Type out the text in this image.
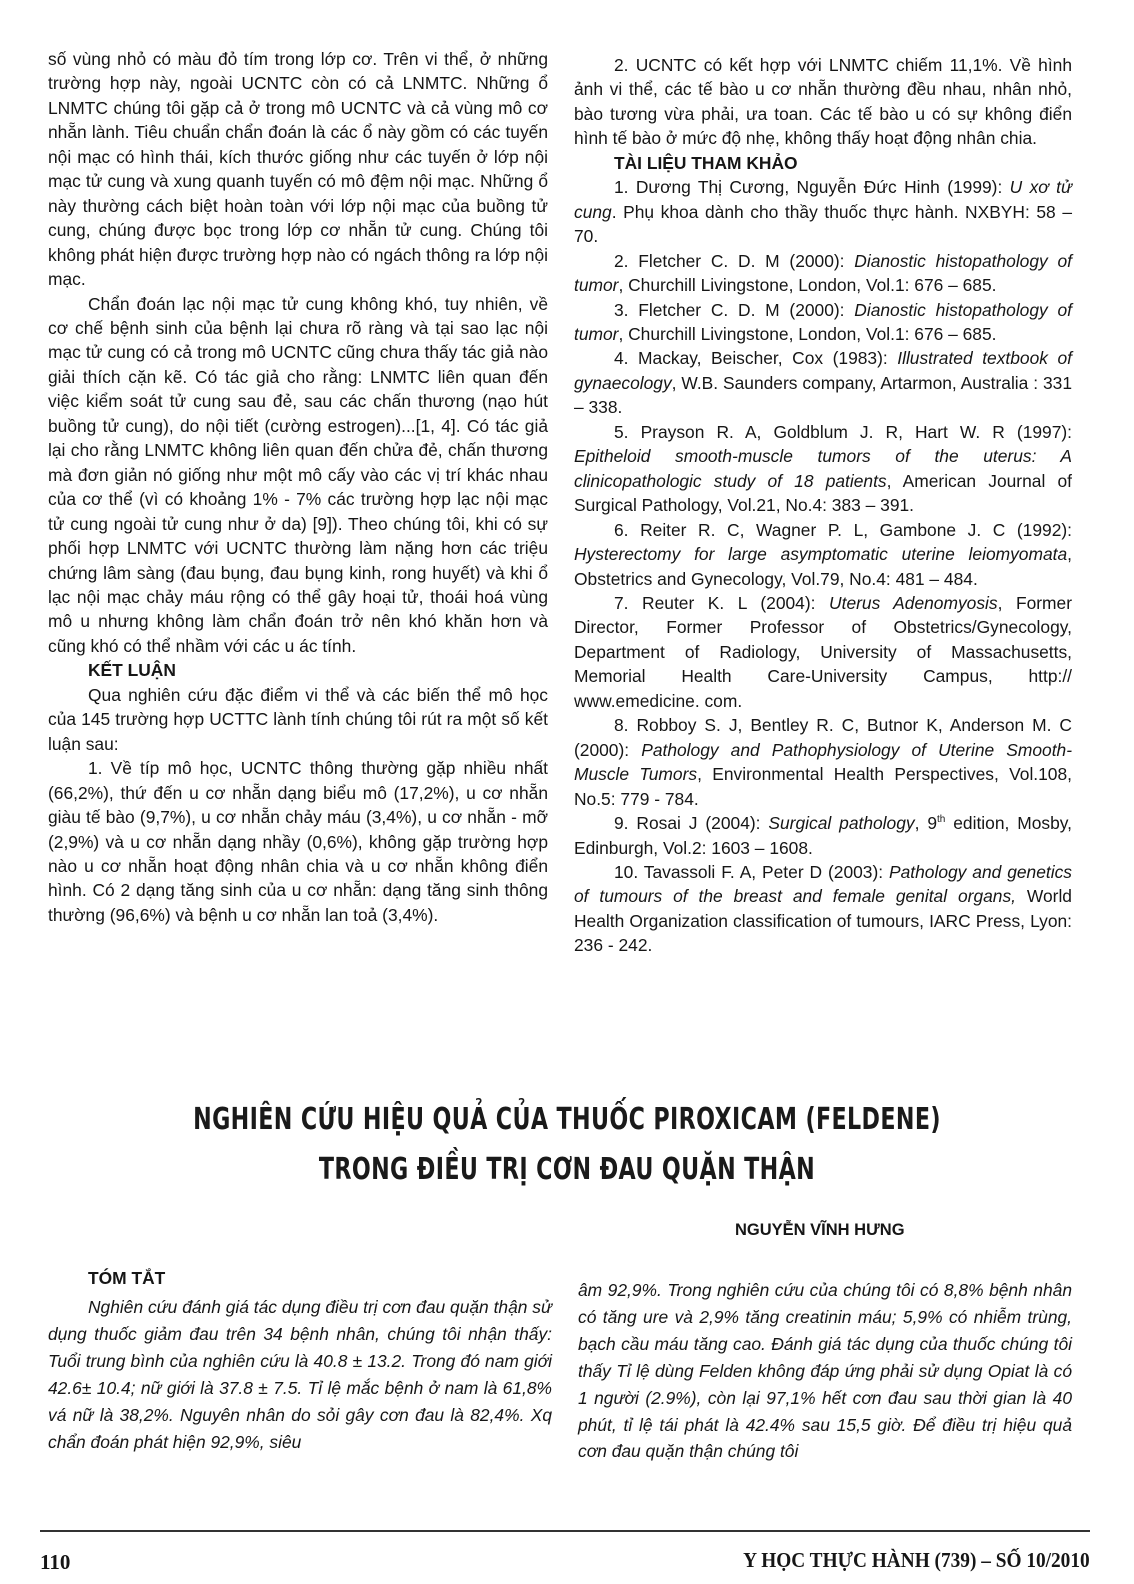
số vùng nhỏ có màu đỏ tím trong lớp cơ. Trên vi thể, ở những trường hợp này, ngoài UCNTC còn có cả LNMTC. Những ổ LNMTC chúng tôi gặp cả ở trong mô UCNTC và cả vùng mô cơ nhẵn lành. Tiêu chuẩn chẩn đoán là các ổ này gồm có các tuyến nội mạc có hình thái, kích thước giống như các tuyến ở lớp nội mạc tử cung và xung quanh tuyến có mô đệm nội mạc. Những ổ này thường cách biệt hoàn toàn với lớp nội mạc của buồng tử cung, chúng được bọc trong lớp cơ nhẵn tử cung. Chúng tôi không phát hiện được trường hợp nào có ngách thông ra lớp nội mạc.

Chẩn đoán lạc nội mạc tử cung không khó, tuy nhiên, về cơ chế bệnh sinh của bệnh lại chưa rõ ràng và tại sao lạc nội mạc tử cung có cả trong mô UCNTC cũng chưa thấy tác giả nào giải thích cặn kẽ. Có tác giả cho rằng: LNMTC liên quan đến việc kiểm soát tử cung sau đẻ, sau các chấn thương (nạo hút buồng tử cung), do nội tiết (cường estrogen)...[1, 4]. Có tác giả lại cho rằng LNMTC không liên quan đến chửa đẻ, chấn thương mà đơn giản nó giống như một mô cấy vào các vị trí khác nhau của cơ thể (vì có khoảng 1% - 7% các trường hợp lạc nội mạc tử cung ngoài tử cung như ở da) [9]). Theo chúng tôi, khi có sự phối hợp LNMTC với UCNTC thường làm nặng hơn các triệu chứng lâm sàng (đau bụng, đau bụng kinh, rong huyết) và khi ổ lạc nội mạc chảy máu rộng có thể gây hoại tử, thoái hoá vùng mô u nhưng không làm chẩn đoán trở nên khó khăn hơn và cũng khó có thể nhầm với các u ác tính.

KẾT LUẬN

Qua nghiên cứu đặc điểm vi thể và các biến thể mô học của 145 trường hợp UCTTC lành tính chúng tôi rút ra một số kết luận sau:

1. Về típ mô học, UCNTC thông thường gặp nhiều nhất (66,2%), thứ đến u cơ nhẵn dạng biểu mô (17,2%), u cơ nhẵn giàu tế bào (9,7%), u cơ nhẵn chảy máu (3,4%), u cơ nhẵn - mỡ (2,9%) và u cơ nhẵn dạng nhầy (0,6%), không gặp trường hợp nào u cơ nhẵn hoạt động nhân chia và u cơ nhẵn không điển hình. Có 2 dạng tăng sinh của u cơ nhẵn: dạng tăng sinh thông thường (96,6%) và bệnh u cơ nhẵn lan toả (3,4%).

2. UCNTC có kết hợp với LNMTC chiếm 11,1%. Về hình ảnh vi thể, các tế bào u cơ nhẵn thường đều nhau, nhân nhỏ, bào tương vừa phải, ưa toan. Các tế bào u có sự không điển hình tế bào ở mức độ nhẹ, không thấy hoạt động nhân chia.

TÀI LIỆU THAM KHẢO

1. Dương Thị Cương, Nguyễn Đức Hinh (1999): U xơ tử cung. Phụ khoa dành cho thầy thuốc thực hành. NXBYH: 58 – 70.

2. Fletcher C. D. M (2000): Dianostic histopathology of tumor, Churchill Livingstone, London, Vol.1: 676 – 685.

3. Fletcher C. D. M (2000): Dianostic histopathology of tumor, Churchill Livingstone, London, Vol.1: 676 – 685.

4. Mackay, Beischer, Cox (1983): Illustrated textbook of gynaecology, W.B. Saunders company, Artarmon, Australia : 331 – 338.

5. Prayson R. A, Goldblum J. R, Hart W. R (1997): Epitheloid smooth-muscle tumors of the uterus: A clinicopathologic study of 18 patients, American Journal of Surgical Pathology, Vol.21, No.4: 383 – 391.

6. Reiter R. C, Wagner P. L, Gambone J. C (1992): Hysterectomy for large asymptomatic uterine leiomyomata, Obstetrics and Gynecology, Vol.79, No.4: 481 – 484.

7. Reuter K. L (2004): Uterus Adenomyosis, Former Director, Former Professor of Obstetrics/Gynecology, Department of Radiology, University of Massachusetts, Memorial Health Care-University Campus, http:// www.emedicine. com.

8. Robboy S. J, Bentley R. C, Butnor K, Anderson M. C (2000): Pathology and Pathophysiology of Uterine Smooth-Muscle Tumors, Environmental Health Perspectives, Vol.108, No.5: 779 - 784.

9. Rosai J (2004): Surgical pathology, 9th edition, Mosby, Edinburgh, Vol.2: 1603 – 1608.

10. Tavassoli F. A, Peter D (2003): Pathology and genetics of tumours of the breast and female genital organs, World Health Organization classification of tumours, IARC Press, Lyon: 236 - 242.

NGHIÊN CỨU HIỆU QUẢ CỦA THUỐC PIROXICAM (FELDENE)
TRONG ĐIỀU TRỊ CƠN ĐAU QUẶN THẬN
NGUYỄN VĨNH HƯNG
TÓM TẮT

Nghiên cứu đánh giá tác dụng điều trị cơn đau quặn thận sử dụng thuốc giảm đau trên 34 bệnh nhân, chúng tôi nhận thấy: Tuổi trung bình của nghiên cứu là 40.8 ± 13.2. Trong đó nam giới 42.6± 10.4; nữ giới là 37.8 ± 7.5. Tỉ lệ mắc bệnh ở nam là 61,8% vá nữ là 38,2%. Nguyên nhân do sỏi gây cơn đau là 82,4%. Xq chẩn đoán phát hiện 92,9%, siêu

âm 92,9%. Trong nghiên cứu của chúng tôi có 8,8% bệnh nhân có tăng ure và 2,9% tăng creatinin máu; 5,9% có nhiễm trùng, bạch cầu máu tăng cao. Đánh giá tác dụng của thuốc chúng tôi thấy Tỉ lệ dùng Felden không đáp ứng phải sử dụng Opiat là có 1 người (2.9%), còn lại 97,1% hết cơn đau sau thời gian là 40 phút, tỉ lệ tái phát là 42.4% sau 15,5 giờ. Để điều trị hiệu quả cơn đau quặn thận chúng tôi

110	Y HỌC THỰC HÀNH (739) – SỐ 10/2010
